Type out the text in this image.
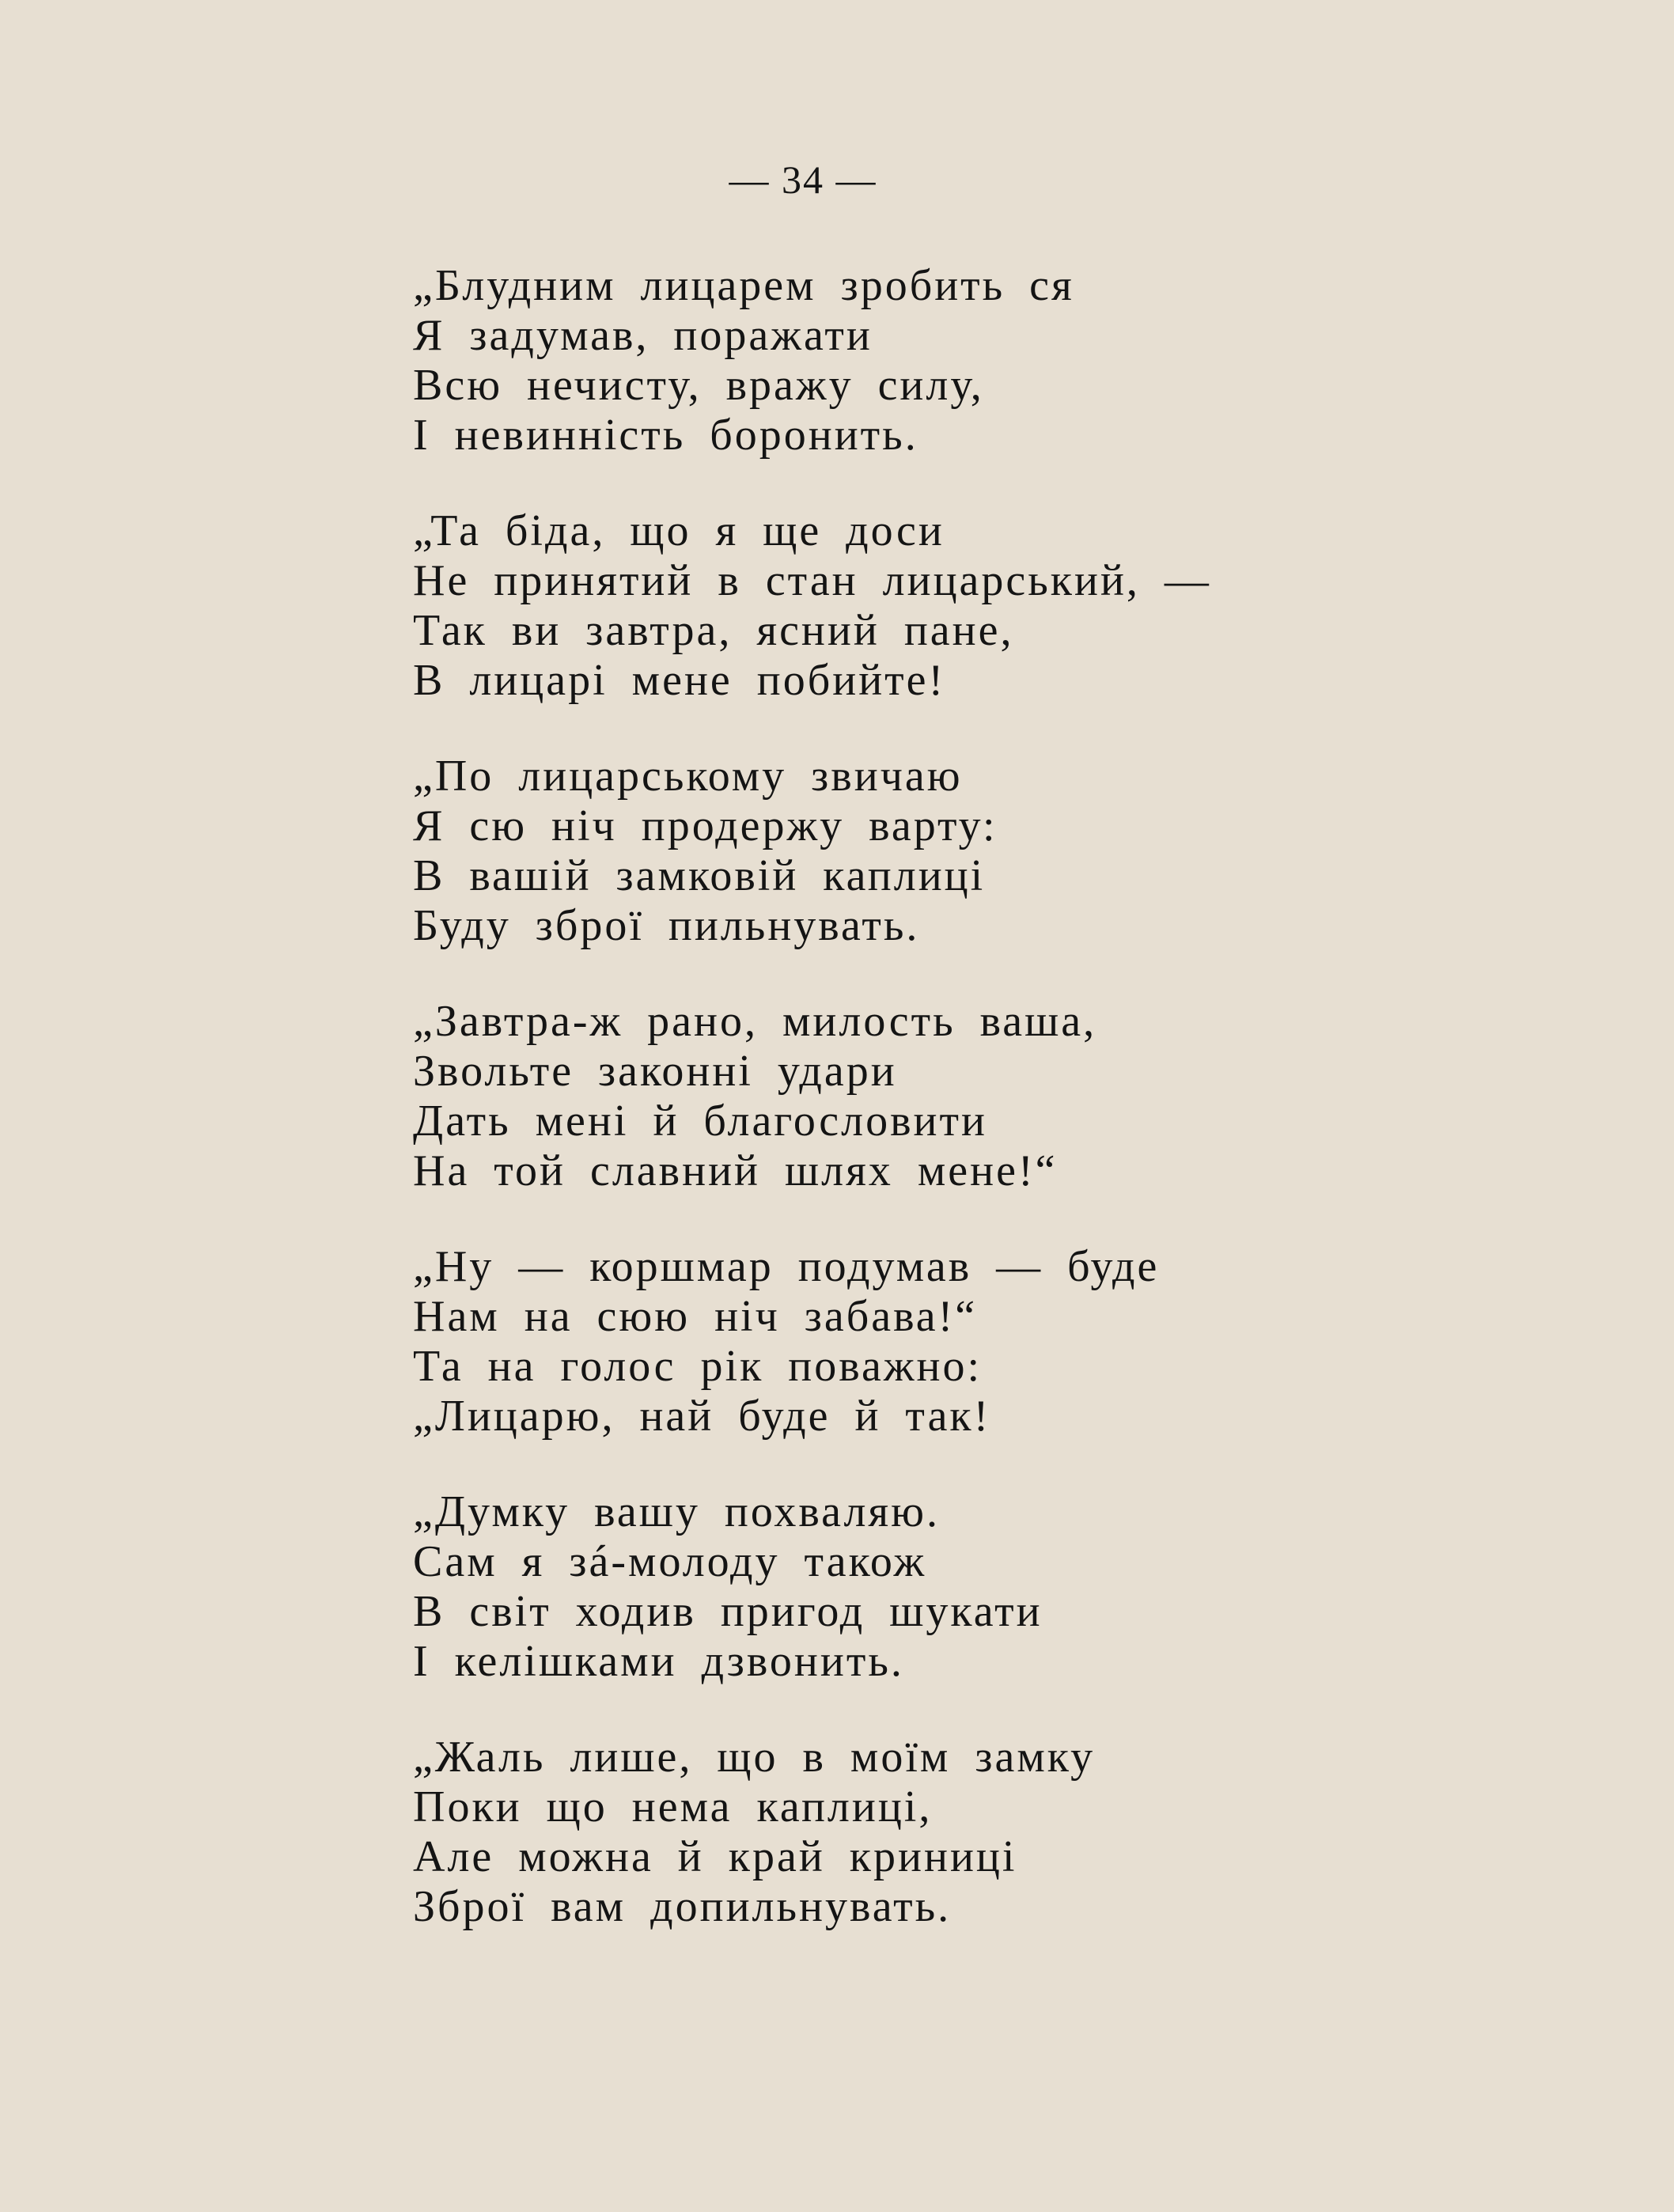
— 34 —
„Блудним лицарем зробить ся
Я задумав, поражати
Всю нечисту, вражу силу,
І невинність боронить.
„Та біда, що я ще доси
Не принятий в стан лицарський, —
Так ви завтра, ясний пане,
В лицарі мене побийте!
„По лицарському звичаю
Я сю ніч продержу варту:
В вашій замковій каплиці
Буду зброї пильнувать.
„Завтра-ж рано, милость ваша,
Звольте законні удари
Дать мені й благословити
На той славний шлях мене!“
„Ну — коршмар подумав — буде
Нам на сюю ніч забава!“
Та на голос рік поважно:
„Лицарю, най буде й так!
„Думку вашу похваляю.
Сам я зá-молоду також
В світ ходив пригод шукати
І келішками дзвонить.
„Жаль лише, що в моїм замку
Поки що нема каплиці,
Але можна й край криниці
Зброї вам допильнувать.
